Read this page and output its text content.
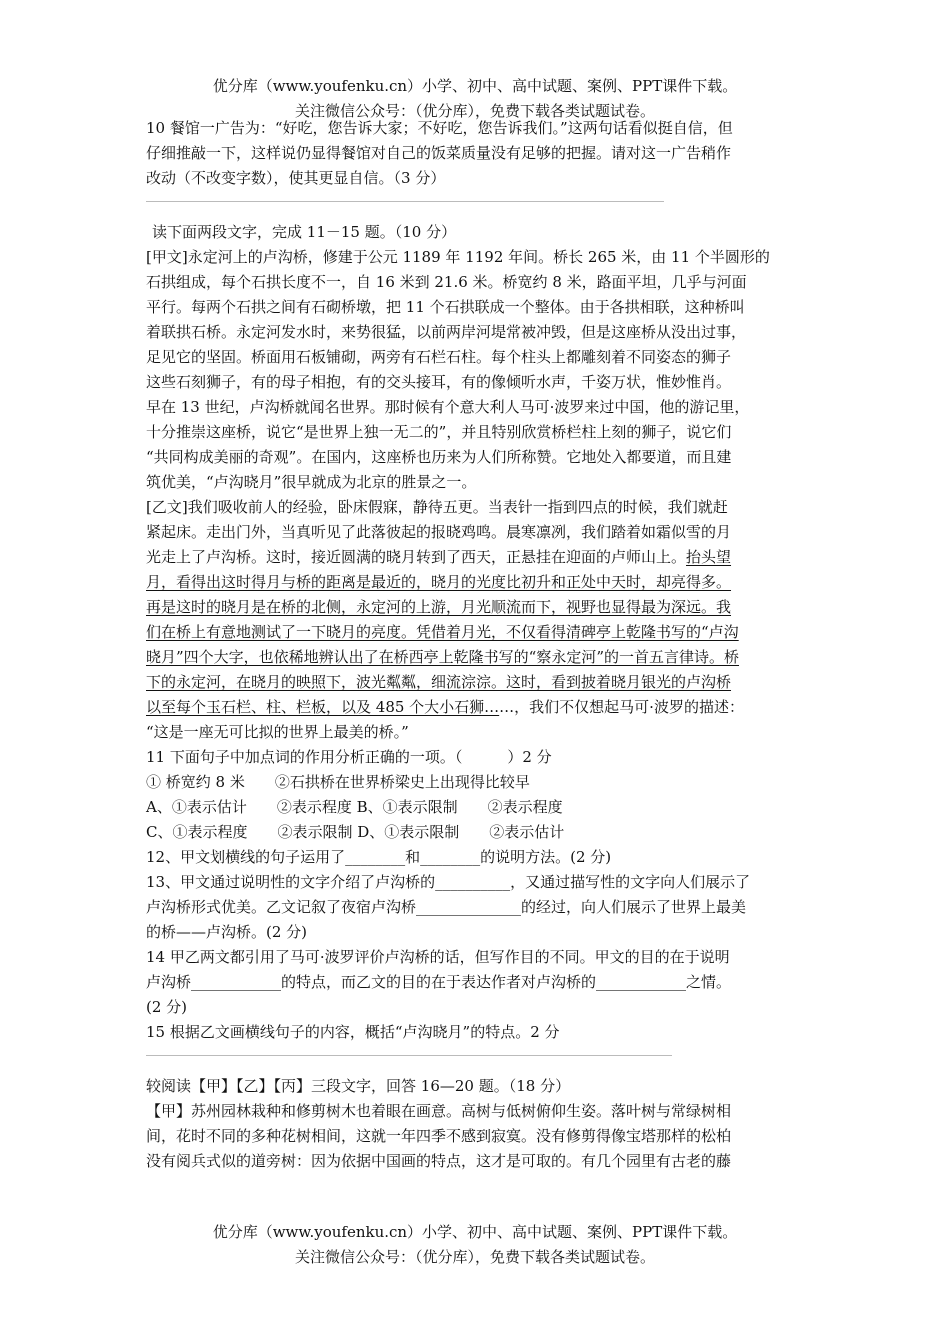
优分库（www.youfenku.cn）小学、初中、高中试题、案例、PPT课件下载。
关注微信公众号：（优分库），免费下载各类试题试卷。

10 餐馆一广告为：“好吃，您告诉大家；不好吃，您告诉我们。”这两句话看似挺自信，但

仔细推敲一下，这样说仍显得餐馆对自己的饭菜质量没有足够的把握。请对这一广告稍作

改动（不改变字数），使其更显自信。（3 分）

读下面两段文字，完成 11－15 题。（10 分）

[甲文]永定河上的卢沟桥，修建于公元 1189 年 1192 年间。桥长 265 米，由 11 个半圆形的

石拱组成，每个石拱长度不一，自 16 米到 21.6 米。桥宽约 8 米，路面平坦，几乎与河面

平行。每两个石拱之间有石砌桥墩，把 11 个石拱联成一个整体。由于各拱相联，这种桥叫

着联拱石桥。永定河发水时，来势很猛，以前两岸河堤常被冲毁，但是这座桥从没出过事，

足见它的坚固。桥面用石板铺砌，两旁有石栏石柱。每个柱头上都雕刻着不同姿态的狮子

这些石刻狮子，有的母子相抱，有的交头接耳，有的像倾听水声，千姿万状，惟妙惟肖。

早在 13 世纪，卢沟桥就闻名世界。那时候有个意大利人马可·波罗来过中国，他的游记里，

十分推崇这座桥，说它“是世界上独一无二的”，并且特别欣赏桥栏柱上刻的狮子，说它们

“共同构成美丽的奇观”。在国内，这座桥也历来为人们所称赞。它地处入都要道，而且建

筑优美，“卢沟晓月”很早就成为北京的胜景之一。

[乙文]我们吸收前人的经验，卧床假寐，静待五更。当表针一指到四点的时候，我们就赶

紧起床。走出门外，当真听见了此落彼起的报晓鸡鸣。晨寒凛冽，我们踏着如霜似雪的月

光走上了卢沟桥。这时，接近圆满的晓月转到了西天，正悬挂在迎面的卢师山上。抬头望

月，看得出这时得月与桥的距离是最近的，晓月的光度比初升和正处中天时，却亮得多。

再是这时的晓月是在桥的北侧，永定河的上游，月光顺流而下，视野也显得最为深远。我

们在桥上有意地测试了一下晓月的亮度。凭借着月光，不仅看得清碑亭上乾隆书写的“卢沟

晓月”四个大字，也依稀地辨认出了在桥西亭上乾隆书写的“察永定河”的一首五言律诗。桥

下的永定河，在晓月的映照下，波光粼粼，细流淙淙。这时，看到披着晓月银光的卢沟桥

以至每个玉石栏、柱、栏板，以及 485 个大小石狮……，我们不仅想起马可·波罗的描述：

“这是一座无可比拟的世界上最美的桥。”

11 下面句子中加点词的作用分析正确的一项。（　　　）2 分

① 桥宽约 8 米　　②石拱桥在世界桥梁史上出现得比较早

A、①表示估计　　②表示程度 B、①表示限制　　②表示程度

C、①表示程度　　②表示限制 D、①表示限制　　②表示估计

12、甲文划横线的句子运用了________和________的说明方法。(2 分)

13、甲文通过说明性的文字介绍了卢沟桥的__________，又通过描写性的文字向人们展示了

卢沟桥形式优美。乙文记叙了夜宿卢沟桥______________的经过，向人们展示了世界上最美

的桥——卢沟桥。(2 分)

14 甲乙两文都引用了马可·波罗评价卢沟桥的话，但写作目的不同。甲文的目的在于说明

卢沟桥____________的特点，而乙文的目的在于表达作者对卢沟桥的____________之情。

(2 分)

15 根据乙文画横线句子的内容，概括“卢沟晓月”的特点。2 分

较阅读【甲】【乙】【丙】三段文字，回答 16—20 题。（18 分）

【甲】苏州园林栽种和修剪树木也着眼在画意。高树与低树俯仰生姿。落叶树与常绿树相

间，花时不同的多种花树相间，这就一年四季不感到寂寞。没有修剪得像宝塔那样的松柏

没有阅兵式似的道旁树：因为依据中国画的特点，这才是可取的。有几个园里有古老的藤

优分库（www.youfenku.cn）小学、初中、高中试题、案例、PPT课件下载。
关注微信公众号：（优分库），免费下载各类试题试卷。
